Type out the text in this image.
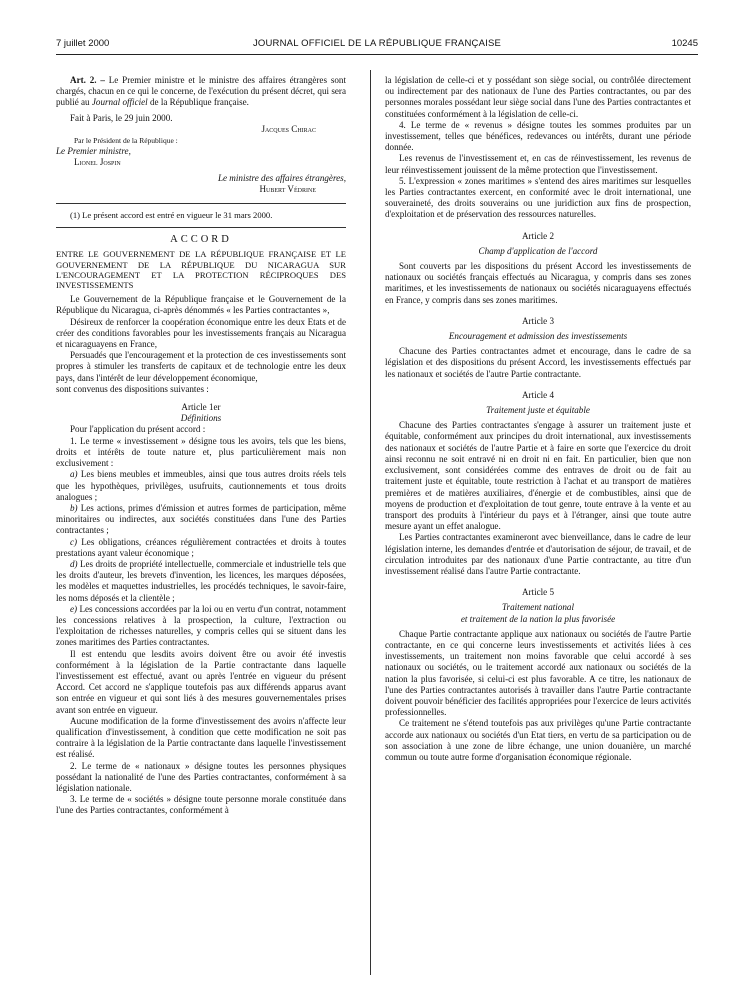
7 juillet 2000	JOURNAL OFFICIEL DE LA RÉPUBLIQUE FRANÇAISE	10245

Art. 2. – Le Premier ministre et le ministre des affaires étrangères sont chargés, chacun en ce qui le concerne, de l'exécution du présent décret, qui sera publié au Journal officiel de la République française.

Fait à Paris, le 29 juin 2000.

Jacques Chirac

Par le Président de la République :

Le Premier ministre,

Lionel Jospin

Le ministre des affaires étrangères,

Hubert Védrine

(1) Le présent accord est entré en vigueur le 31 mars 2000.

ACCORD

ENTRE LE GOUVERNEMENT DE LA RÉPUBLIQUE FRANÇAISE ET LE GOUVERNEMENT DE LA RÉPUBLIQUE DU NICARAGUA SUR L'ENCOURAGEMENT ET LA PROTECTION RÉCIPROQUES DES INVESTISSEMENTS

Le Gouvernement de la République française et le Gouvernement de la République du Nicaragua, ci-après dénommés « les Parties contractantes »,

Désireux de renforcer la coopération économique entre les deux Etats et de créer des conditions favorables pour les investissements français au Nicaragua et nicaraguayens en France,

Persuadés que l'encouragement et la protection de ces investissements sont propres à stimuler les transferts de capitaux et de technologie entre les deux pays, dans l'intérêt de leur développement économique,

sont convenus des dispositions suivantes :

Article 1er

Définitions

Pour l'application du présent accord :

1. Le terme « investissement » désigne tous les avoirs, tels que les biens, droits et intérêts de toute nature et, plus particulièrement mais non exclusivement :

a) Les biens meubles et immeubles, ainsi que tous autres droits réels tels que les hypothèques, privilèges, usufruits, cautionnements et tous droits analogues ;

b) Les actions, primes d'émission et autres formes de participation, même minoritaires ou indirectes, aux sociétés constituées dans l'une des Parties contractantes ;

c) Les obligations, créances régulièrement contractées et droits à toutes prestations ayant valeur économique ;

d) Les droits de propriété intellectuelle, commerciale et industrielle tels que les droits d'auteur, les brevets d'invention, les licences, les marques déposées, les modèles et maquettes industrielles, les procédés techniques, le savoir-faire, les noms déposés et la clientèle ;

e) Les concessions accordées par la loi ou en vertu d'un contrat, notamment les concessions relatives à la prospection, la culture, l'extraction ou l'exploitation de richesses naturelles, y compris celles qui se situent dans les zones maritimes des Parties contractantes.

Il est entendu que lesdits avoirs doivent être ou avoir été investis conformément à la législation de la Partie contractante dans laquelle l'investissement est effectué, avant ou après l'entrée en vigueur du présent Accord. Cet accord ne s'applique toutefois pas aux différends apparus avant son entrée en vigueur et qui sont liés à des mesures gouvernementales prises avant son entrée en vigueur.

Aucune modification de la forme d'investissement des avoirs n'affecte leur qualification d'investissement, à condition que cette modification ne soit pas contraire à la législation de la Partie contractante dans laquelle l'investissement est réalisé.

2. Le terme de « nationaux » désigne toutes les personnes physiques possédant la nationalité de l'une des Parties contractantes, conformément à sa législation nationale.

3. Le terme de « sociétés » désigne toute personne morale constituée dans l'une des Parties contractantes, conformément à

la législation de celle-ci et y possédant son siège social, ou contrôlée directement ou indirectement par des nationaux de l'une des Parties contractantes, ou par des personnes morales possédant leur siège social dans l'une des Parties contractantes et constituées conformément à la législation de celle-ci.

4. Le terme de « revenus » désigne toutes les sommes produites par un investissement, telles que bénéfices, redevances ou intérêts, durant une période donnée.

Les revenus de l'investissement et, en cas de réinvestissement, les revenus de leur réinvestissement jouissent de la même protection que l'investissement.

5. L'expression « zones maritimes » s'entend des aires maritimes sur lesquelles les Parties contractantes exercent, en conformité avec le droit international, une souveraineté, des droits souverains ou une juridiction aux fins de prospection, d'exploitation et de préservation des ressources naturelles.

Article 2

Champ d'application de l'accord

Sont couverts par les dispositions du présent Accord les investissements de nationaux ou sociétés français effectués au Nicaragua, y compris dans ses zones maritimes, et les investissements de nationaux ou sociétés nicaraguayens effectués en France, y compris dans ses zones maritimes.

Article 3

Encouragement et admission des investissements

Chacune des Parties contractantes admet et encourage, dans le cadre de sa législation et des dispositions du présent Accord, les investissements effectués par les nationaux et sociétés de l'autre Partie contractante.

Article 4

Traitement juste et équitable

Chacune des Parties contractantes s'engage à assurer un traitement juste et équitable, conformément aux principes du droit international, aux investissements des nationaux et sociétés de l'autre Partie et à faire en sorte que l'exercice du droit ainsi reconnu ne soit entravé ni en droit ni en fait. En particulier, bien que non exclusivement, sont considérées comme des entraves de droit ou de fait au traitement juste et équitable, toute restriction à l'achat et au transport de matières premières et de matières auxiliaires, d'énergie et de combustibles, ainsi que de moyens de production et d'exploitation de tout genre, toute entrave à la vente et au transport des produits à l'intérieur du pays et à l'étranger, ainsi que toute autre mesure ayant un effet analogue.

Les Parties contractantes examineront avec bienveillance, dans le cadre de leur législation interne, les demandes d'entrée et d'autorisation de séjour, de travail, et de circulation introduites par des nationaux d'une Partie contractante, au titre d'un investissement réalisé dans l'autre Partie contractante.

Article 5

Traitement national

et traitement de la nation la plus favorisée

Chaque Partie contractante applique aux nationaux ou sociétés de l'autre Partie contractante, en ce qui concerne leurs investissements et activités liées à ces investissements, un traitement non moins favorable que celui accordé à ses nationaux ou sociétés, ou le traitement accordé aux nationaux ou sociétés de la nation la plus favorisée, si celui-ci est plus favorable. A ce titre, les nationaux de l'une des Parties contractantes autorisés à travailler dans l'autre Partie contractante doivent pouvoir bénéficier des facilités appropriées pour l'exercice de leurs activités professionnelles.

Ce traitement ne s'étend toutefois pas aux privilèges qu'une Partie contractante accorde aux nationaux ou sociétés d'un Etat tiers, en vertu de sa participation ou de son association à une zone de libre échange, une union douanière, un marché commun ou toute autre forme d'organisation économique régionale.
